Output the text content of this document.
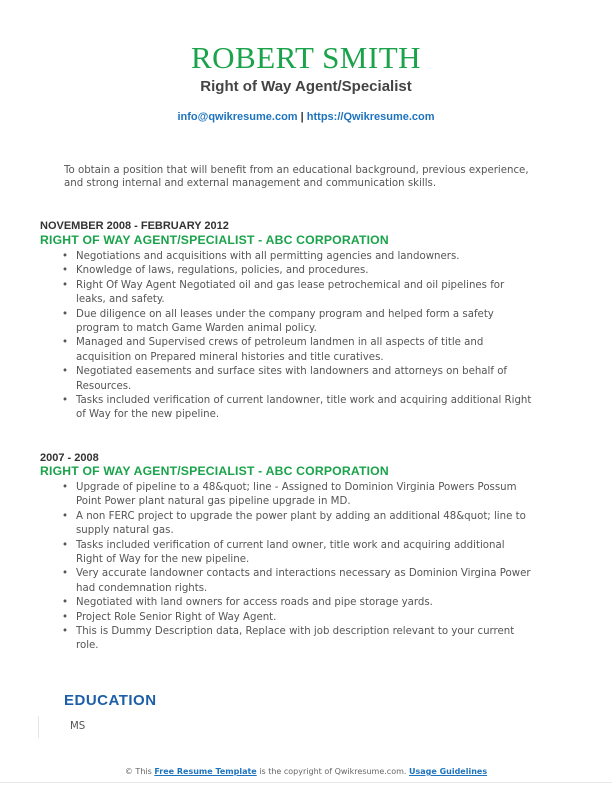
ROBERT SMITH
Right of Way Agent/Specialist
info@qwikresume.com | https://Qwikresume.com
To obtain a position that will benefit from an educational background, previous experience, and strong internal and external management and communication skills.
NOVEMBER 2008 - FEBRUARY 2012
RIGHT OF WAY AGENT/SPECIALIST - ABC CORPORATION
• Negotiations and acquisitions with all permitting agencies and landowners.
• Knowledge of laws, regulations, policies, and procedures.
• Right Of Way Agent Negotiated oil and gas lease petrochemical and oil pipelines for leaks, and safety.
• Due diligence on all leases under the company program and helped form a safety program to match Game Warden animal policy.
• Managed and Supervised crews of petroleum landmen in all aspects of title and acquisition on Prepared mineral histories and title curatives.
• Negotiated easements and surface sites with landowners and attorneys on behalf of Resources.
• Tasks included verification of current landowner, title work and acquiring additional Right of Way for the new pipeline.
2007 - 2008
RIGHT OF WAY AGENT/SPECIALIST - ABC CORPORATION
• Upgrade of pipeline to a 48&quot; line - Assigned to Dominion Virginia Powers Possum Point Power plant natural gas pipeline upgrade in MD.
• A non FERC project to upgrade the power plant by adding an additional 48&quot; line to supply natural gas.
• Tasks included verification of current land owner, title work and acquiring additional Right of Way for the new pipeline.
• Very accurate landowner contacts and interactions necessary as Dominion Virgina Power had condemnation rights.
• Negotiated with land owners for access roads and pipe storage yards.
• Project Role Senior Right of Way Agent.
• This is Dummy Description data, Replace with job description relevant to your current role.
EDUCATION
MS
© This Free Resume Template is the copyright of Qwikresume.com. Usage Guidelines
